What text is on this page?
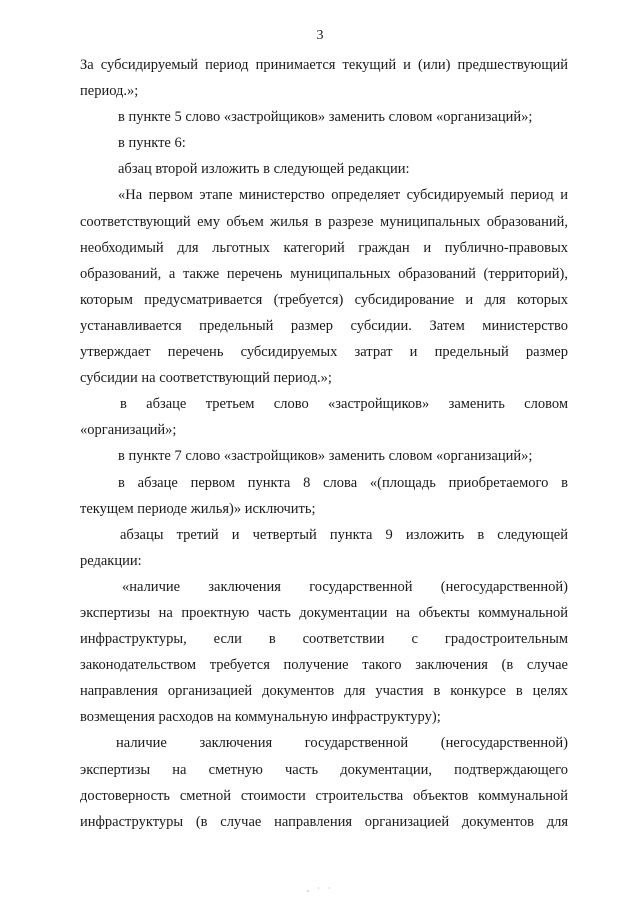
3
За субсидируемый период принимается текущий и (или) предшествующий
период.»;
в пункте 5 слово «застройщиков» заменить словом «организаций»;
в пункте 6:
абзац второй изложить в следующей редакции:
«На первом этапе министерство определяет субсидируемый период и
соответствующий ему объем жилья в разрезе муниципальных образований,
необходимый для льготных категорий граждан и публично-правовых
образований, а также перечень муниципальных образований (территорий),
которым предусматривается (требуется) субсидирование и для которых
устанавливается предельный размер субсидии. Затем министерство
утверждает перечень субсидируемых затрат и предельный размер
субсидии на соответствующий период.»;
в абзаце третьем слово «застройщиков» заменить словом
«организаций»;
в пункте 7 слово «застройщиков» заменить словом «организаций»;
в абзаце первом пункта 8 слова «(площадь приобретаемого в
текущем периоде жилья)» исключить;
абзацы третий и четвертый пункта 9 изложить в следующей
редакции:
«наличие заключения государственной (негосударственной)
экспертизы на проектную часть документации на объекты коммунальной
инфраструктуры, если в соответствии с градостроительным
законодательством требуется получение такого заключения (в случае
направления организацией документов для участия в конкурсе в целях
возмещения расходов на коммунальную инфраструктуру);
наличие заключения государственной (негосударственной)
экспертизы на сметную часть документации, подтверждающего
достоверность сметной стоимости строительства объектов коммунальной
инфраструктуры (в случае направления организацией документов для
‚ · ·
